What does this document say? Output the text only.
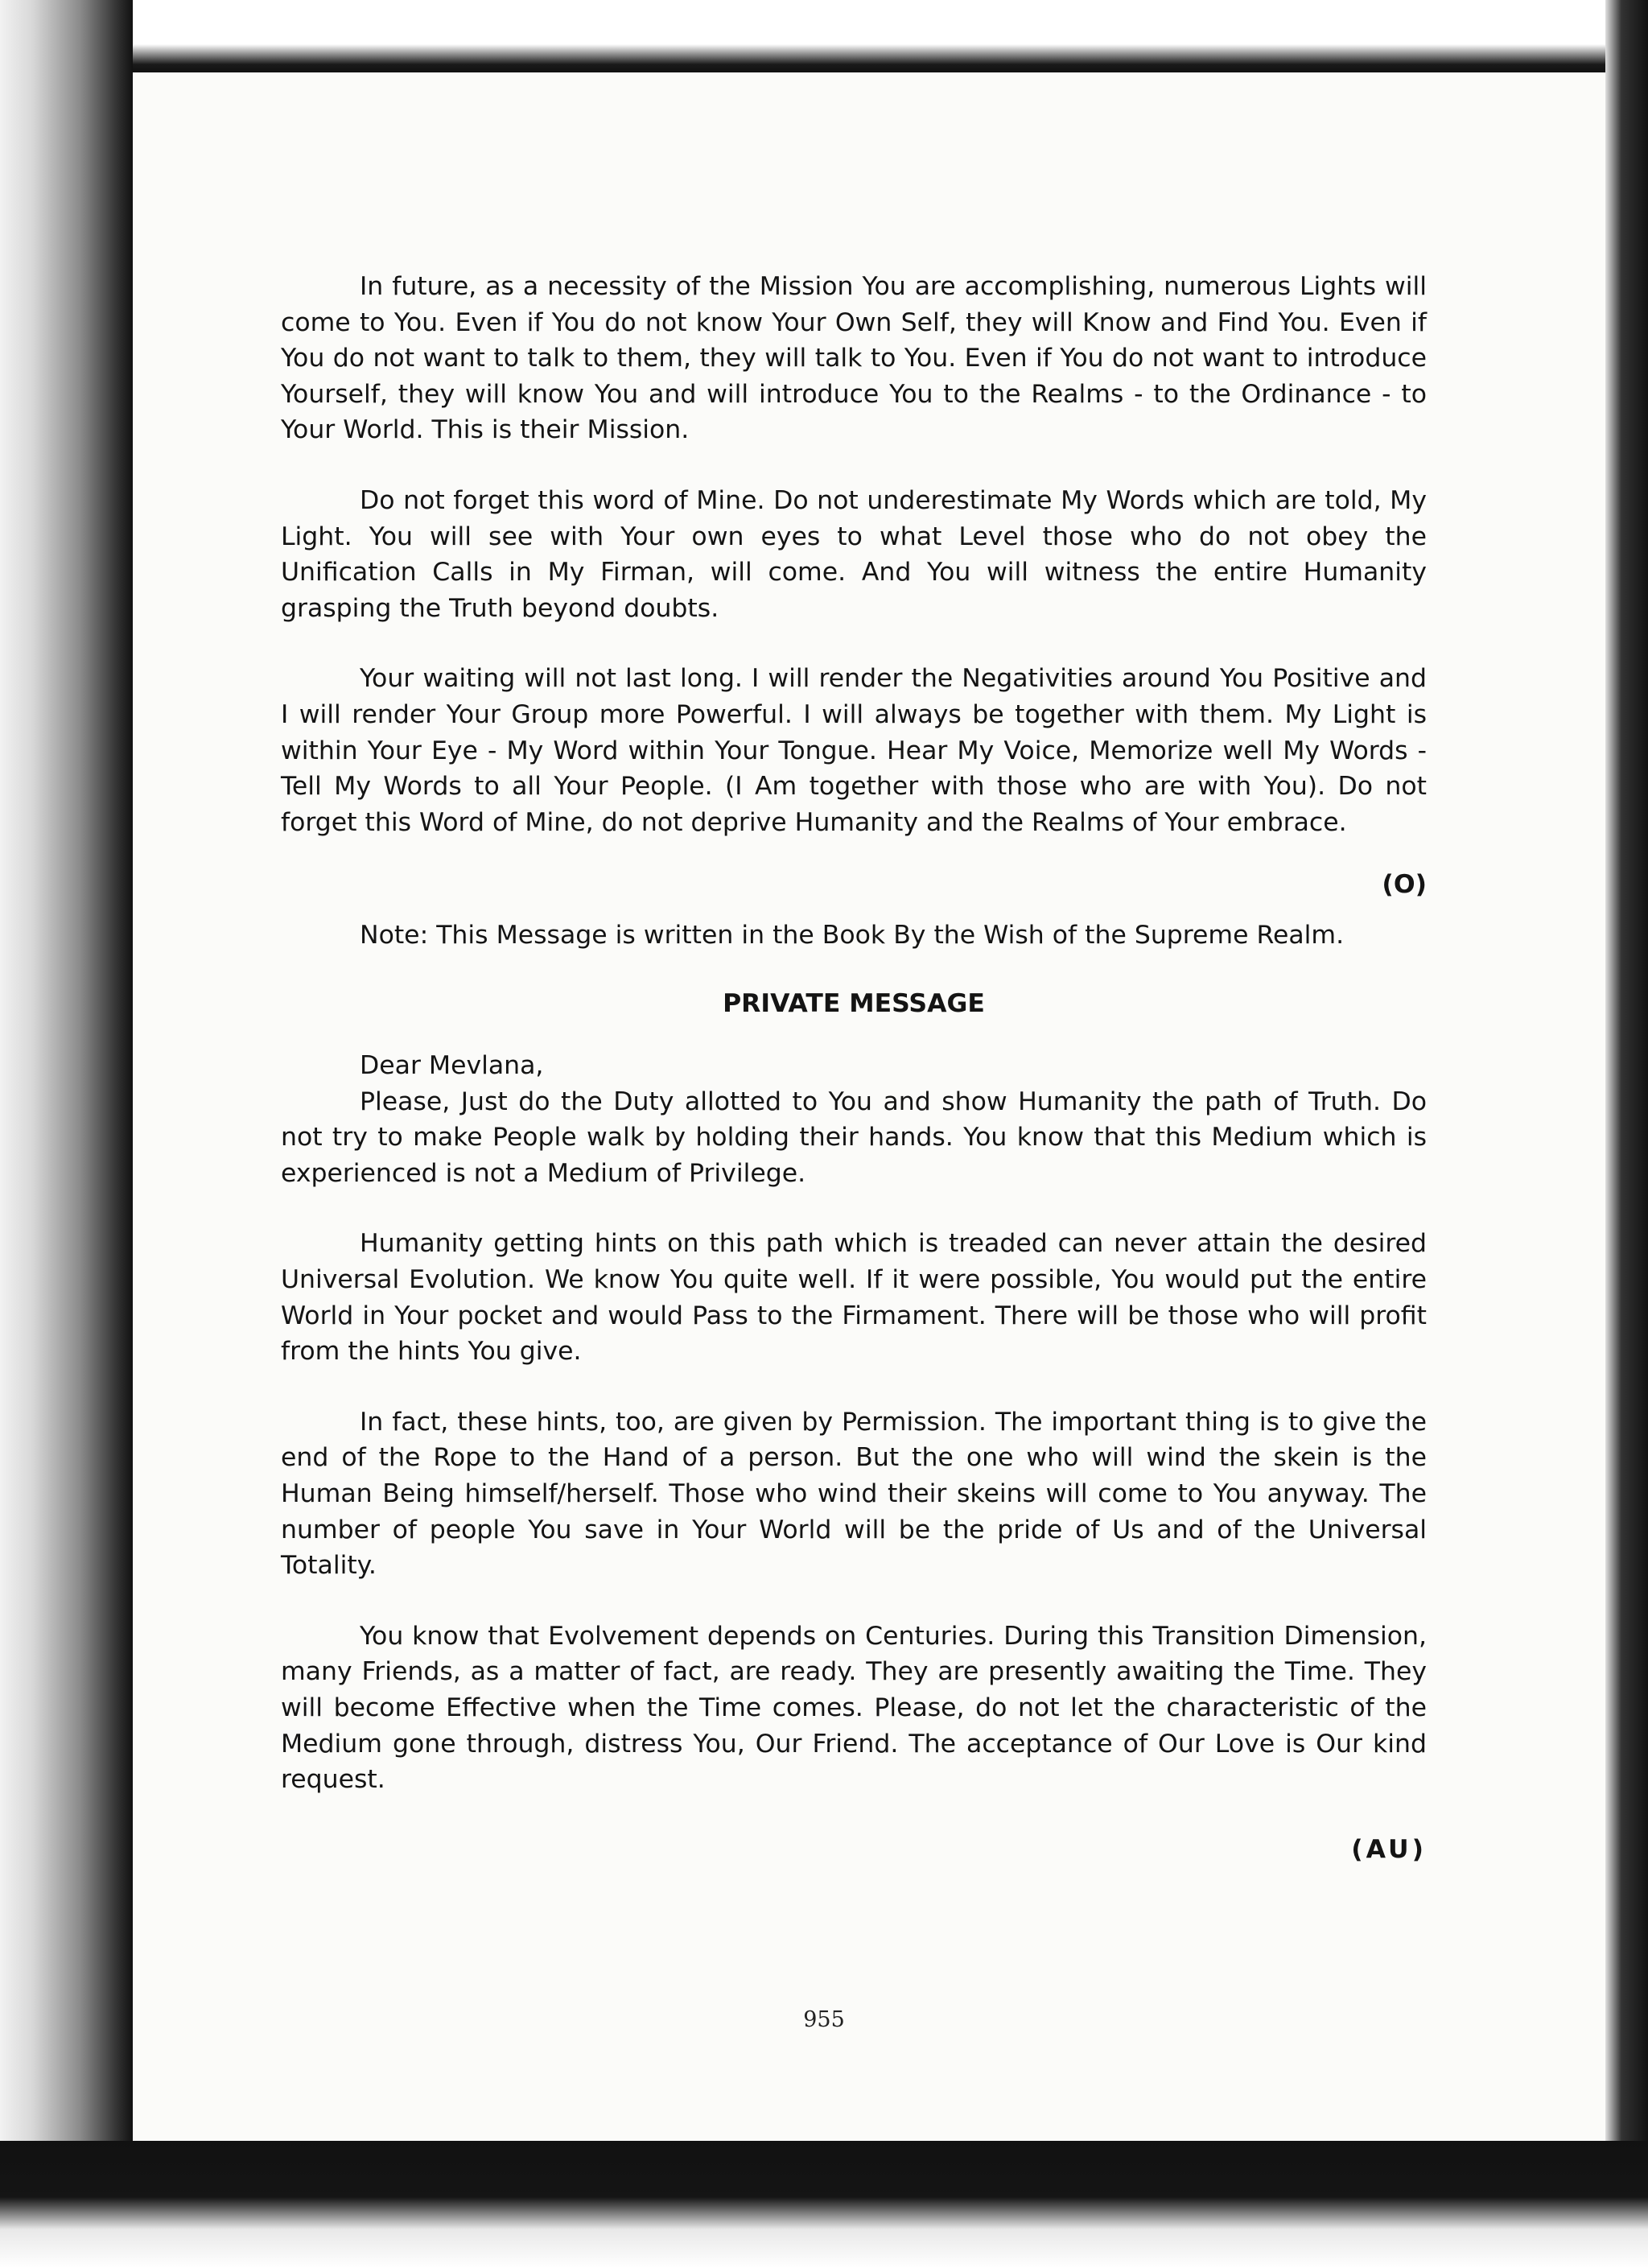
In future, as a necessity of the Mission You are accomplishing, numerous Lights will come to You. Even if You do not know Your Own Self, they will Know and Find You. Even if You do not want to talk to them, they will talk to You. Even if You do not want to introduce Yourself, they will know You and will introduce You to the Realms - to the Ordinance - to Your World. This is their Mission.

Do not forget this word of Mine. Do not underestimate My Words which are told, My Light. You will see with Your own eyes to what Level those who do not obey the Unification Calls in My Firman, will come. And You will witness the entire Humanity grasping the Truth beyond doubts.

Your waiting will not last long. I will render the Negativities around You Positive and I will render Your Group more Powerful. I will always be together with them. My Light is within Your Eye - My Word within Your Tongue. Hear My Voice, Memorize well My Words - Tell My Words to all Your People. (I Am together with those who are with You). Do not forget this Word of Mine, do not deprive Humanity and the Realms of Your embrace.

(O)

Note: This Message is written in the Book By the Wish of the Supreme Realm.

PRIVATE MESSAGE

Dear Mevlana,

Please, Just do the Duty allotted to You and show Humanity the path of Truth. Do not try to make People walk by holding their hands. You know that this Medium which is experienced is not a Medium of Privilege.

Humanity getting hints on this path which is treaded can never attain the desired Universal Evolution. We know You quite well. If it were possible, You would put the entire World in Your pocket and would Pass to the Firmament. There will be those who will profit from the hints You give.

In fact, these hints, too, are given by Permission. The important thing is to give the end of the Rope to the Hand of a person. But the one who will wind the skein is the Human Being himself/herself. Those who wind their skeins will come to You anyway. The number of people You save in Your World will be the pride of Us and of the Universal Totality.

You know that Evolvement depends on Centuries. During this Transition Dimension, many Friends, as a matter of fact, are ready. They are presently awaiting the Time. They will become Effective when the Time comes. Please, do not let the characteristic of the Medium gone through, distress You, Our Friend. The acceptance of Our Love is Our kind request.

(AU)

955
